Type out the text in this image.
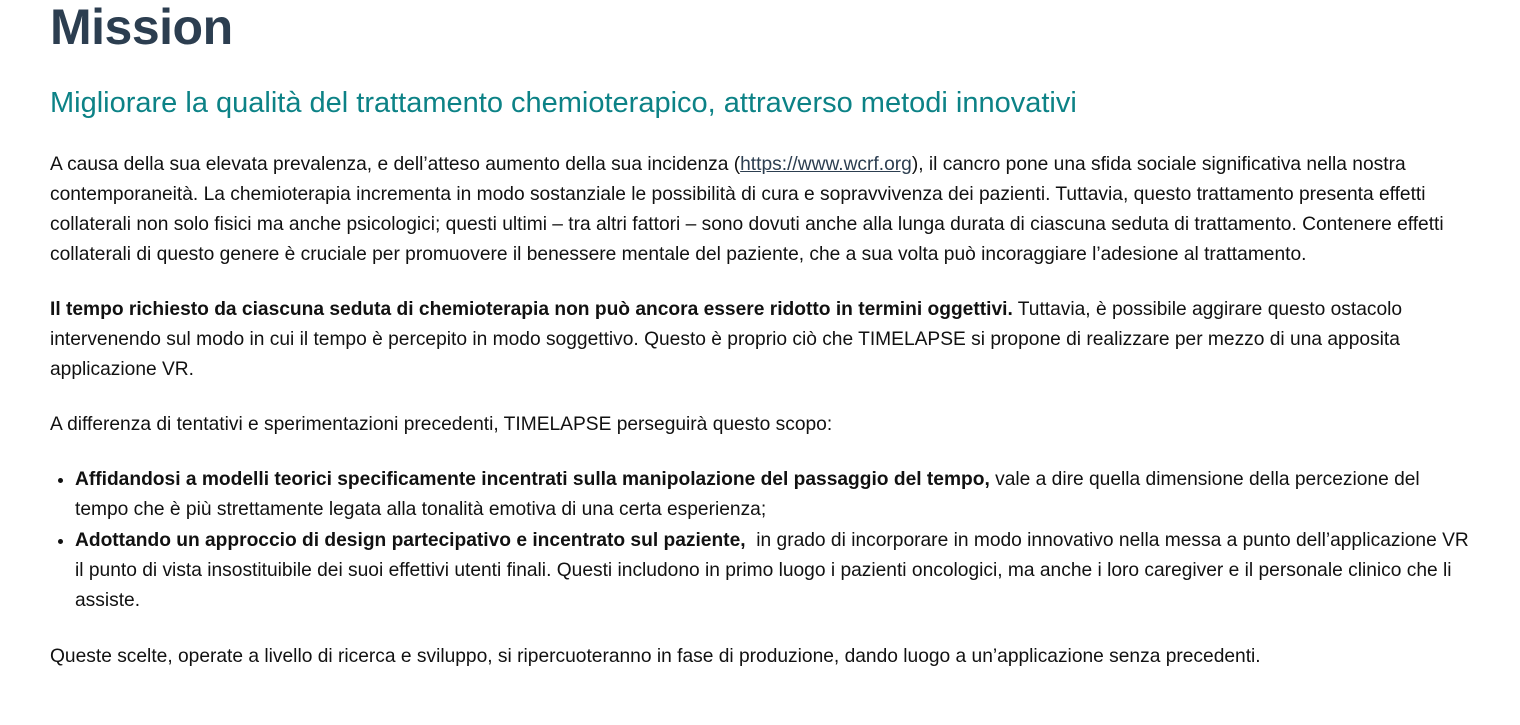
Mission
Migliorare la qualità del trattamento chemioterapico, attraverso metodi innovativi

A causa della sua elevata prevalenza, e dell’atteso aumento della sua incidenza (https://www.wcrf.org), il cancro pone una sfida sociale significativa nella nostra contemporaneità. La chemioterapia incrementa in modo sostanziale le possibilità di cura e sopravvivenza dei pazienti. Tuttavia, questo trattamento presenta effetti collaterali non solo fisici ma anche psicologici; questi ultimi – tra altri fattori – sono dovuti anche alla lunga durata di ciascuna seduta di trattamento. Contenere effetti collaterali di questo genere è cruciale per promuovere il benessere mentale del paziente, che a sua volta può incoraggiare l’adesione al trattamento.

Il tempo richiesto da ciascuna seduta di chemioterapia non può ancora essere ridotto in termini oggettivi. Tuttavia, è possibile aggirare questo ostacolo intervenendo sul modo in cui il tempo è percepito in modo soggettivo. Questo è proprio ciò che TIMELAPSE si propone di realizzare per mezzo di una apposita applicazione VR.

A differenza di tentativi e sperimentazioni precedenti, TIMELAPSE perseguirà questo scopo:

• Affidandosi a modelli teorici specificamente incentrati sulla manipolazione del passaggio del tempo, vale a dire quella dimensione della percezione del tempo che è più strettamente legata alla tonalità emotiva di una certa esperienza;
• Adottando un approccio di design partecipativo e incentrato sul paziente,  in grado di incorporare in modo innovativo nella messa a punto dell’applicazione VR il punto di vista insostituibile dei suoi effettivi utenti finali. Questi includono in primo luogo i pazienti oncologici, ma anche i loro caregiver e il personale clinico che li assiste.

Queste scelte, operate a livello di ricerca e sviluppo, si ripercuoteranno in fase di produzione, dando luogo a un’applicazione senza precedenti.
